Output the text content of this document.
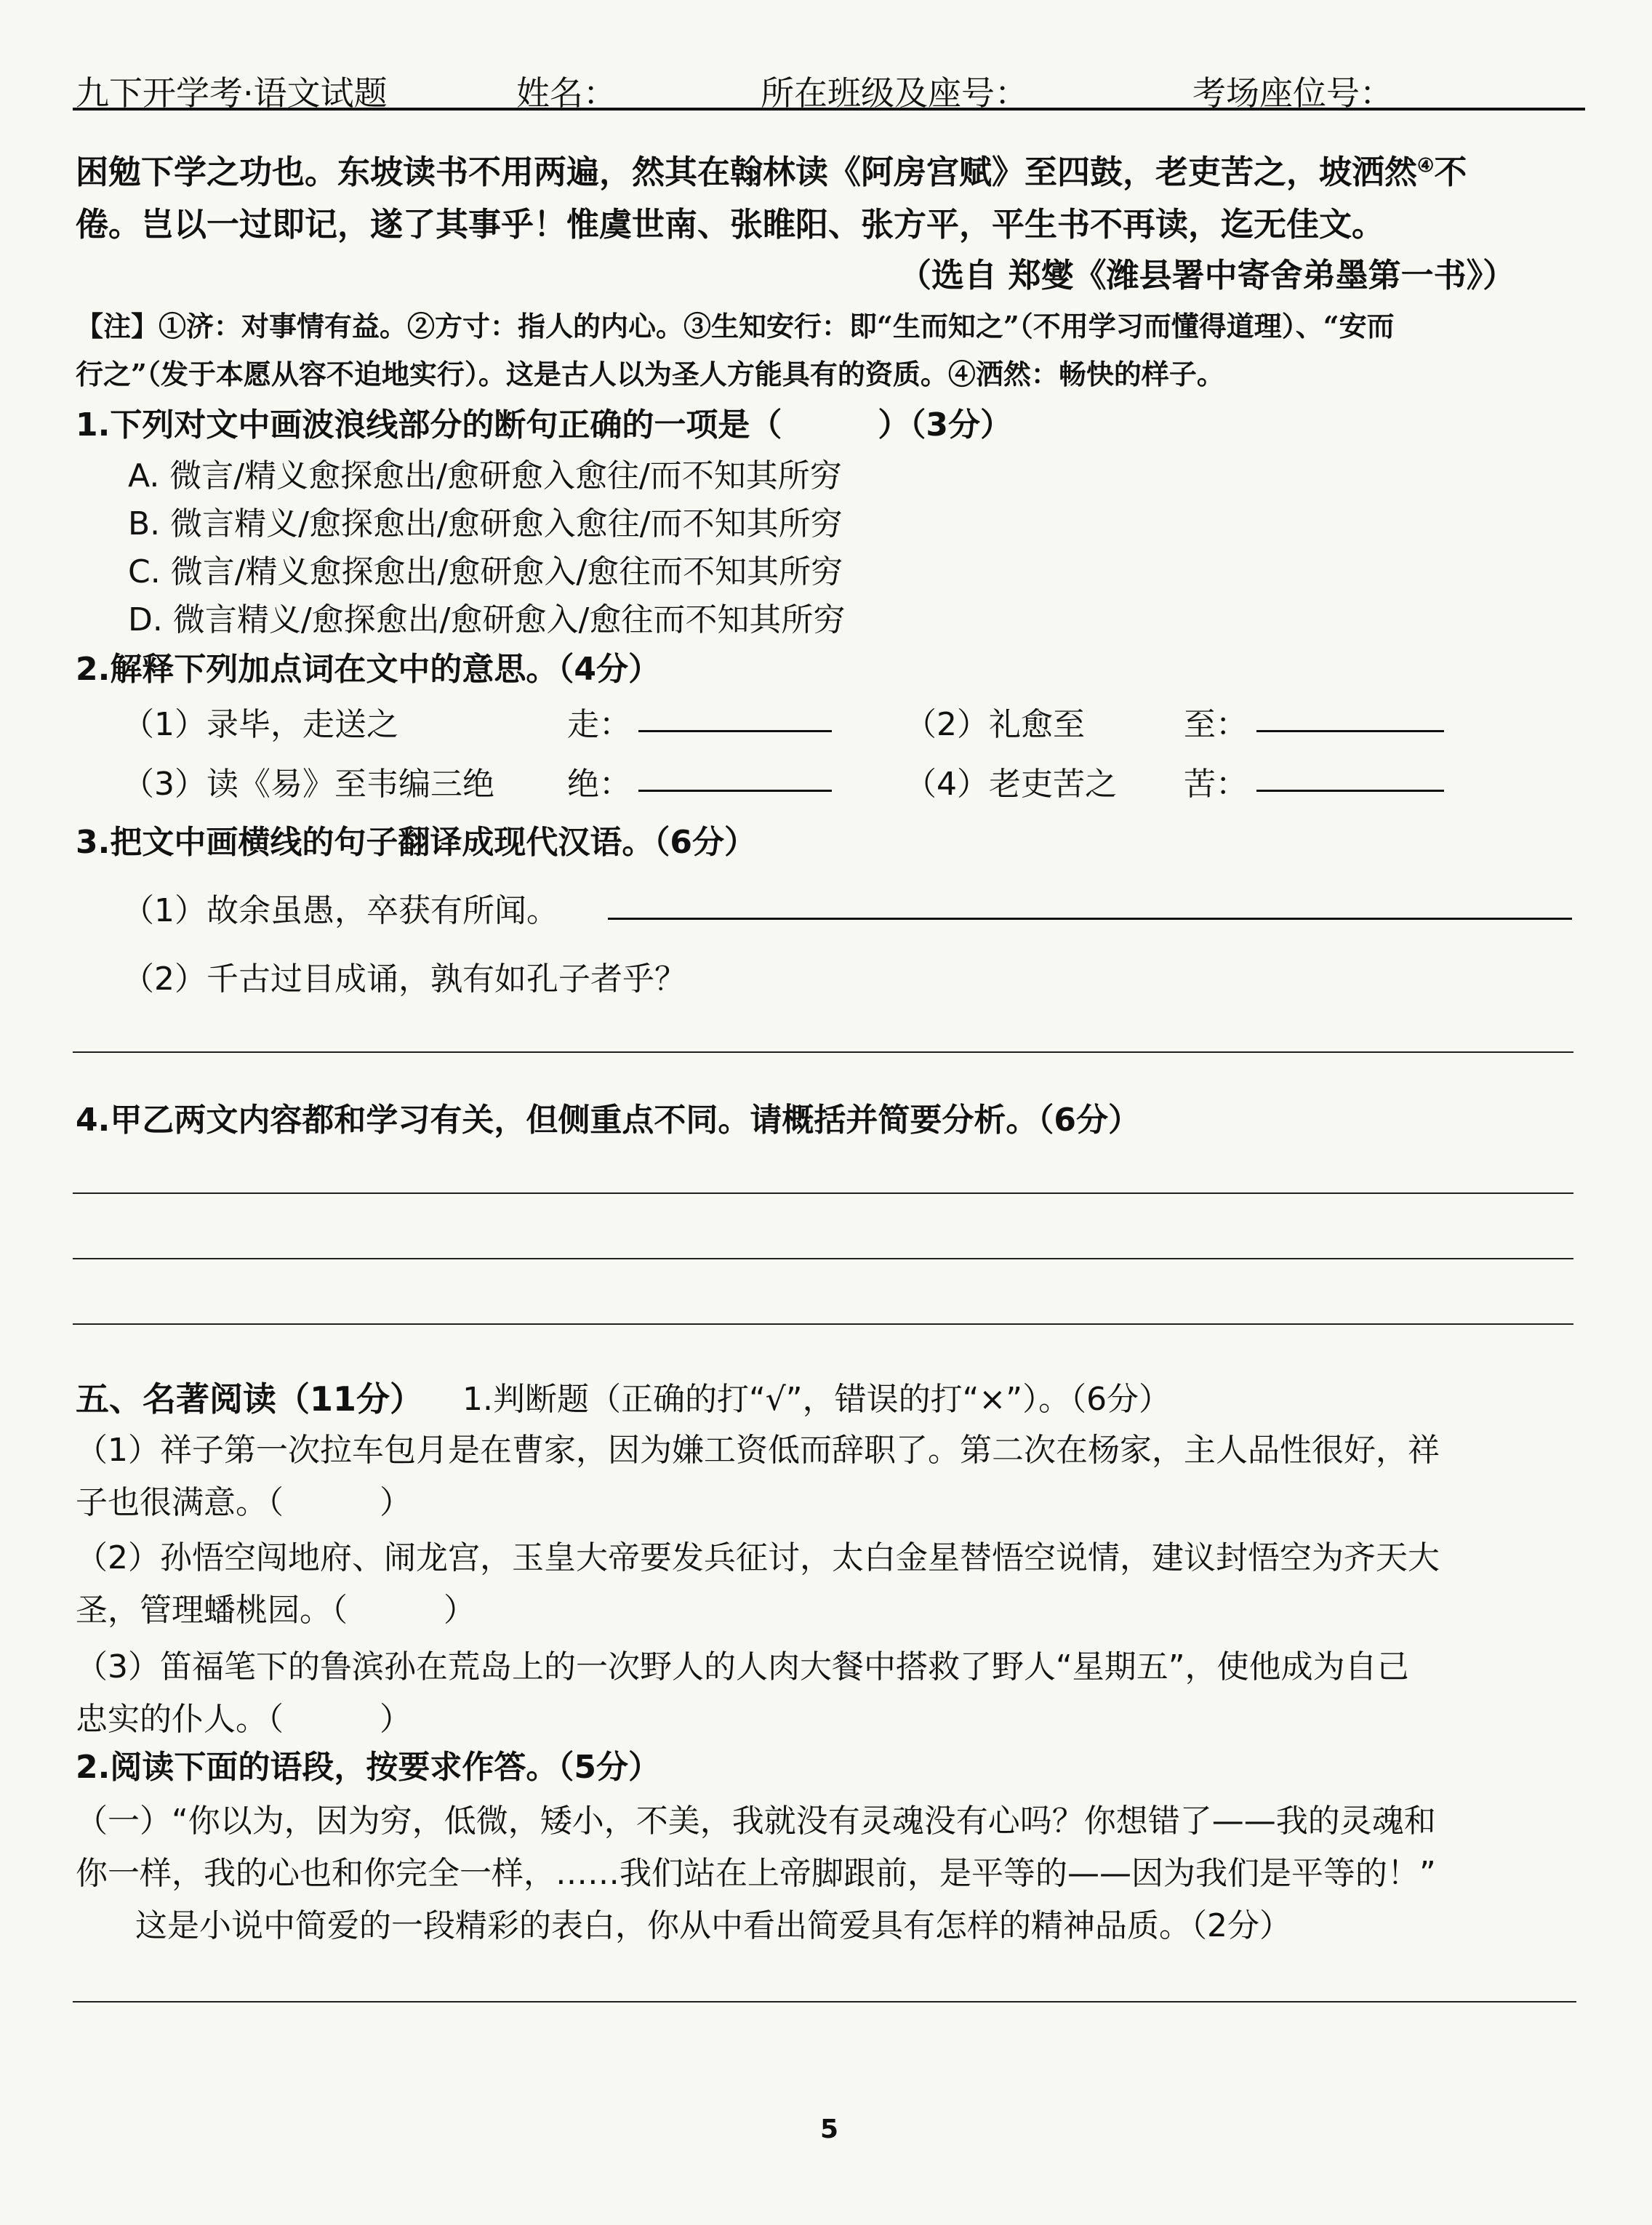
九下开学考·语文试题	姓名：	所在班级及座号：	考场座位号：
困勉下学之功也。东坡读书不用两遍，然其在翰林读《阿房宫赋》至四鼓，老吏苦之，坡洒然④不
倦。岂以一过即记，遂了其事乎！惟虞世南、张睢阳、张方平，平生书不再读，迄无佳文。
（选自 郑燮《潍县署中寄舍弟墨第一书》）
【注】①济：对事情有益。②方寸：指人的内心。③生知安行：即“生而知之”（不用学习而懂得道理）、“安而
行之”（发于本愿从容不迫地实行）。这是古人以为圣人方能具有的资质。④洒然：畅快的样子。
1.下列对文中画波浪线部分的断句正确的一项是（　　　）（3分）
A. 微言/精义愈探愈出/愈研愈入愈往/而不知其所穷
B. 微言精义/愈探愈出/愈研愈入愈往/而不知其所穷
C. 微言/精义愈探愈出/愈研愈入/愈往而不知其所穷
D. 微言精义/愈探愈出/愈研愈入/愈往而不知其所穷
2.解释下列加点词在文中的意思。（4分）
（1）录毕，走送之	走：	（2）礼愈至	至：
（3）读《易》至韦编三绝 绝：	（4）老吏苦之 苦：
3.把文中画横线的句子翻译成现代汉语。（6分）
（1）故余虽愚，卒获有所闻。
（2）千古过目成诵，孰有如孔子者乎？
4.甲乙两文内容都和学习有关，但侧重点不同。请概括并简要分析。（6分）
五、名著阅读（11分） 1.判断题（正确的打“√”，错误的打“×”）。（6分）
（1）祥子第一次拉车包月是在曹家，因为嫌工资低而辞职了。第二次在杨家，主人品性很好，祥
子也很满意。（　　　）
（2）孙悟空闯地府、闹龙宫，玉皇大帝要发兵征讨，太白金星替悟空说情，建议封悟空为齐天大
圣，管理蟠桃园。（　　　）
（3）笛福笔下的鲁滨孙在荒岛上的一次野人的人肉大餐中搭救了野人“星期五”，使他成为自己
忠实的仆人。（　　　）
2.阅读下面的语段，按要求作答。（5分）
（一）“你以为，因为穷，低微，矮小，不美，我就没有灵魂没有心吗？你想错了——我的灵魂和
你一样，我的心也和你完全一样，……我们站在上帝脚跟前，是平等的——因为我们是平等的！”
这是小说中简爱的一段精彩的表白，你从中看出简爱具有怎样的精神品质。（2分）
5
